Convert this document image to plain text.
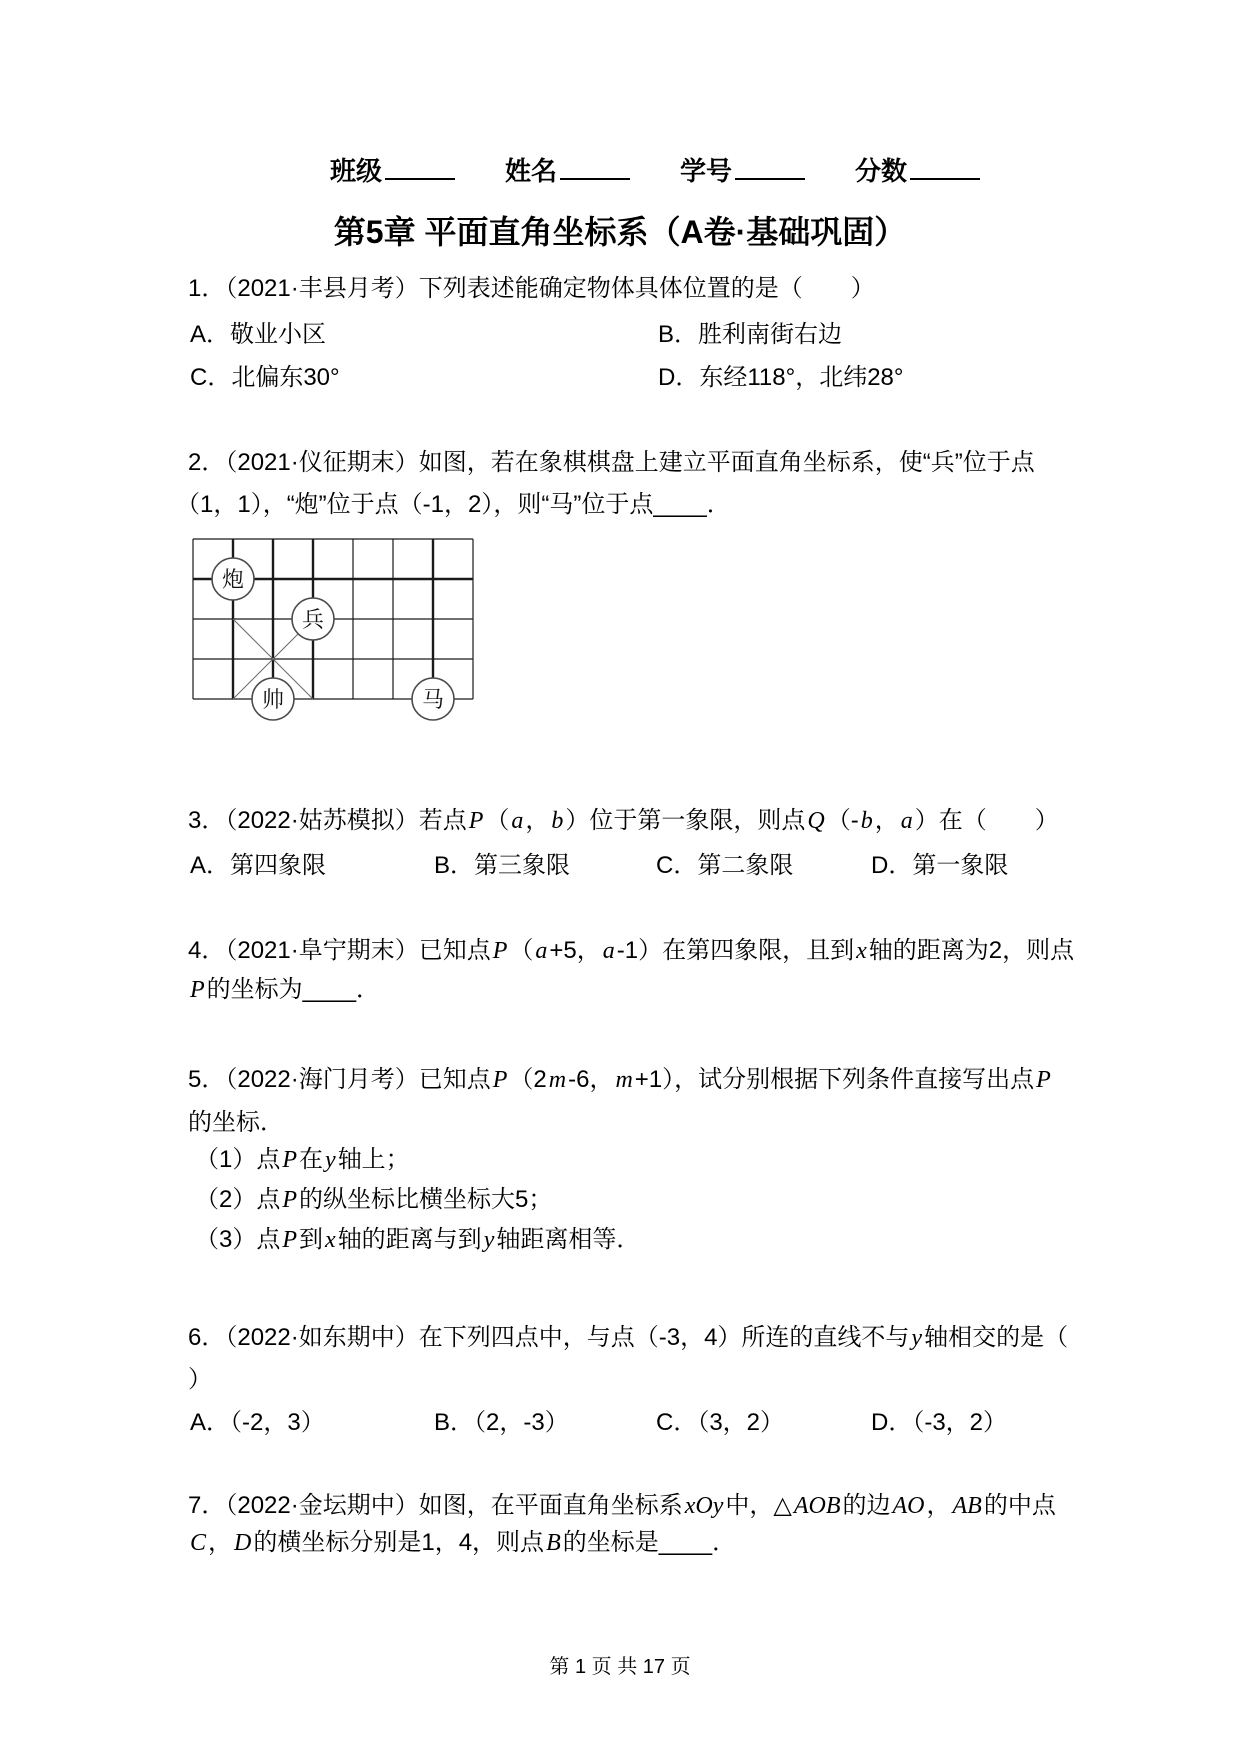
班级	姓名	学号	分数
第5章 平面直角坐标系（A卷·基础巩固）
1．（2021·丰县月考）下列表述能确定物体具体位置的是（　　）
A．敬业小区	B．胜利南街右边
C．北偏东30°	D．东经118°，北纬28°
2．（2021·仪征期末）如图，若在象棋棋盘上建立平面直角坐标系，使“兵”位于点
（1，1），“炮”位于点（-1，2），则“马”位于点____．
炮
兵
帅	马
3．（2022·姑苏模拟）若点P（a，b）位于第一象限，则点Q（-b，a）在（　　）
A．第四象限	B．第三象限	C．第二象限	D．第一象限
4．（2021·阜宁期末）已知点P（a+5，a-1）在第四象限，且到x轴的距离为2，则点
P的坐标为____．
5．（2022·海门月考）已知点P（2m-6，m+1），试分别根据下列条件直接写出点P
的坐标．
（1）点P在y轴上；
（2）点P的纵坐标比横坐标大5；
（3）点P到x轴的距离与到y轴距离相等．
6．（2022·如东期中）在下列四点中，与点（-3，4）所连的直线不与y轴相交的是（
）
A．（-2，3）	B．（2，-3）	C．（3，2）	D．（-3，2）
7．（2022·金坛期中）如图，在平面直角坐标系xOy中，△AOB的边AO，AB的中点
C，D的横坐标分别是1，4，则点B的坐标是____．
第 1 页 共 17 页
